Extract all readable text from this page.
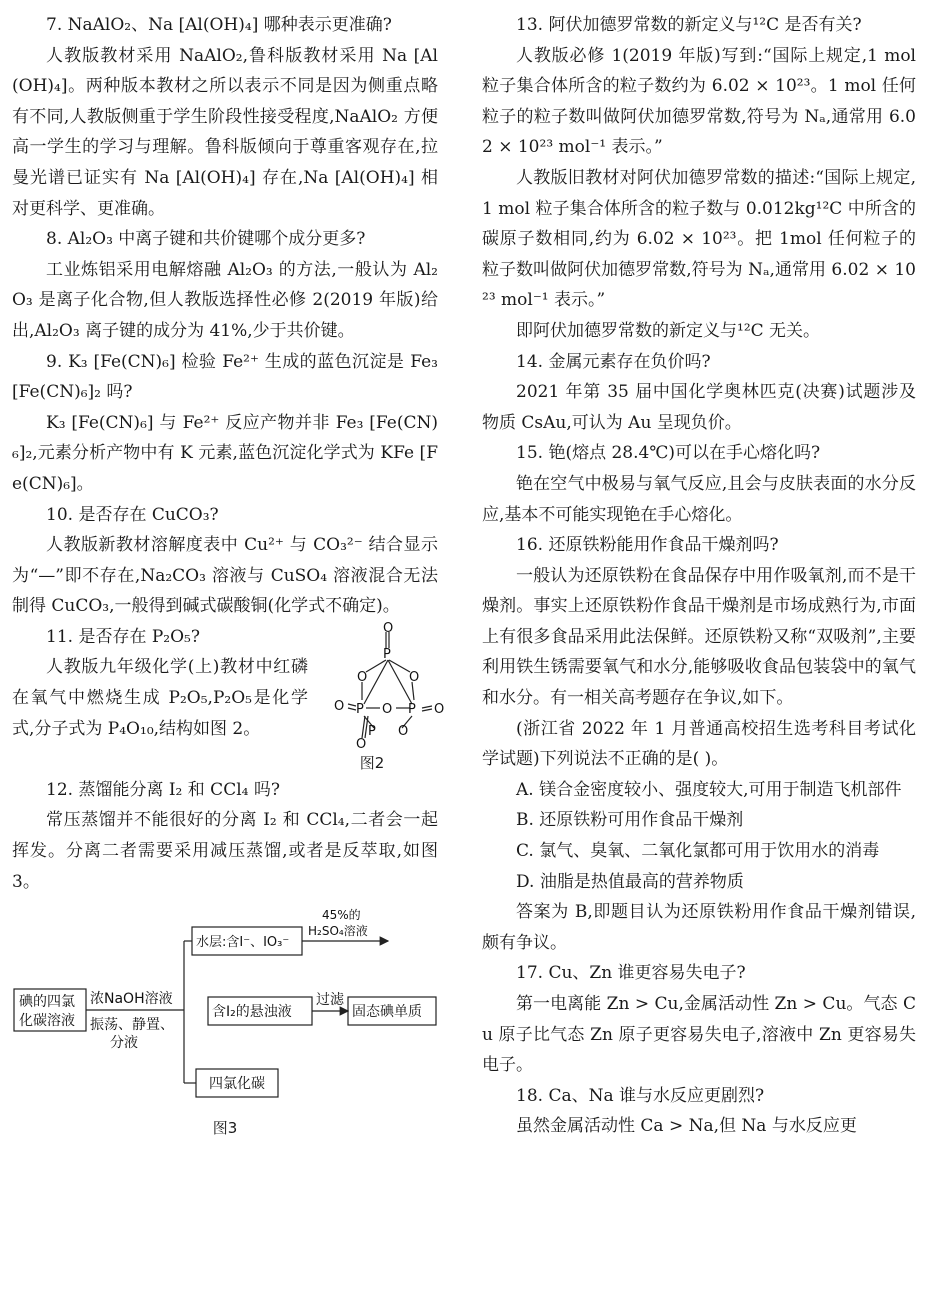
7. NaAlO₂、Na [Al(OH)₄] 哪种表示更准确?

人教版教材采用 NaAlO₂,鲁科版教材采用 Na [Al(OH)₄]。两种版本教材之所以表示不同是因为侧重点略有不同,人教版侧重于学生阶段性接受程度,NaAlO₂ 方便高一学生的学习与理解。鲁科版倾向于尊重客观存在,拉曼光谱已证实有 Na [Al(OH)₄] 存在,Na [Al(OH)₄] 相对更科学、更准确。

8. Al₂O₃ 中离子键和共价键哪个成分更多?

工业炼铝采用电解熔融 Al₂O₃ 的方法,一般认为 Al₂O₃ 是离子化合物,但人教版选择性必修 2(2019 年版)给出,Al₂O₃ 离子键的成分为 41%,少于共价键。

9. K₃ [Fe(CN)₆] 检验 Fe²⁺ 生成的蓝色沉淀是 Fe₃ [Fe(CN)₆]₂ 吗?

K₃ [Fe(CN)₆] 与 Fe²⁺ 反应产物并非 Fe₃ [Fe(CN)₆]₂,元素分析产物中有 K 元素,蓝色沉淀化学式为 KFe [Fe(CN)₆]。

10. 是否存在 CuCO₃?

人教版新教材溶解度表中 Cu²⁺ 与 CO₃²⁻ 结合显示为“—”即不存在,Na₂CO₃ 溶液与 CuSO₄ 溶液混合无法制得 CuCO₃,一般得到碱式碳酸铜(化学式不确定)。

11. 是否存在 P₂O₅?

人教版九年级化学(上)教材中红磷在氧气中燃烧生成 P₂O₅,P₂O₅是化学式,分子式为 P₄O₁₀,结构如图 2。

O
P
O	O
O P O P O
P O
O
图2

12. 蒸馏能分离 I₂ 和 CCl₄ 吗?

常压蒸馏并不能很好的分离 I₂ 和 CCl₄,二者会一起挥发。分离二者需要采用减压蒸馏,或者是反萃取,如图 3。

碘的四氯
化碳溶液
浓NaOH溶液
振荡、静置、
分液
水层:含I⁻、IO₃⁻
45%的
H₂SO₄溶液
含I₂的悬浊液
过滤
固态碘单质
四氯化碳
图3

13. 阿伏加德罗常数的新定义与¹²C 是否有关?

人教版必修 1(2019 年版)写到:“国际上规定,1 mol 粒子集合体所含的粒子数约为 6.02 × 10²³。1 mol 任何粒子的粒子数叫做阿伏加德罗常数,符号为 Nₐ,通常用 6.02 × 10²³ mol⁻¹ 表示。”

人教版旧教材对阿伏加德罗常数的描述:“国际上规定,1 mol 粒子集合体所含的粒子数与 0.012kg¹²C 中所含的碳原子数相同,约为 6.02 × 10²³。把 1mol 任何粒子的粒子数叫做阿伏加德罗常数,符号为 Nₐ,通常用 6.02 × 10²³ mol⁻¹ 表示。”

即阿伏加德罗常数的新定义与¹²C 无关。

14. 金属元素存在负价吗?

2021 年第 35 届中国化学奥林匹克(决赛)试题涉及物质 CsAu,可认为 Au 呈现负价。

15. 铯(熔点 28.4℃)可以在手心熔化吗?

铯在空气中极易与氧气反应,且会与皮肤表面的水分反应,基本不可能实现铯在手心熔化。

16. 还原铁粉能用作食品干燥剂吗?

一般认为还原铁粉在食品保存中用作吸氧剂,而不是干燥剂。事实上还原铁粉作食品干燥剂是市场成熟行为,市面上有很多食品采用此法保鲜。还原铁粉又称“双吸剂”,主要利用铁生锈需要氧气和水分,能够吸收食品包装袋中的氧气和水分。有一相关高考题存在争议,如下。

(浙江省 2022 年 1 月普通高校招生选考科目考试化学试题)下列说法不正确的是( )。

A. 镁合金密度较小、强度较大,可用于制造飞机部件

B. 还原铁粉可用作食品干燥剂

C. 氯气、臭氧、二氧化氯都可用于饮用水的消毒

D. 油脂是热值最高的营养物质

答案为 B,即题目认为还原铁粉用作食品干燥剂错误,颇有争议。

17. Cu、Zn 谁更容易失电子?

第一电离能 Zn > Cu,金属活动性 Zn > Cu。气态 Cu 原子比气态 Zn 原子更容易失电子,溶液中 Zn 更容易失电子。

18. Ca、Na 谁与水反应更剧烈?

虽然金属活动性 Ca > Na,但 Na 与水反应更
